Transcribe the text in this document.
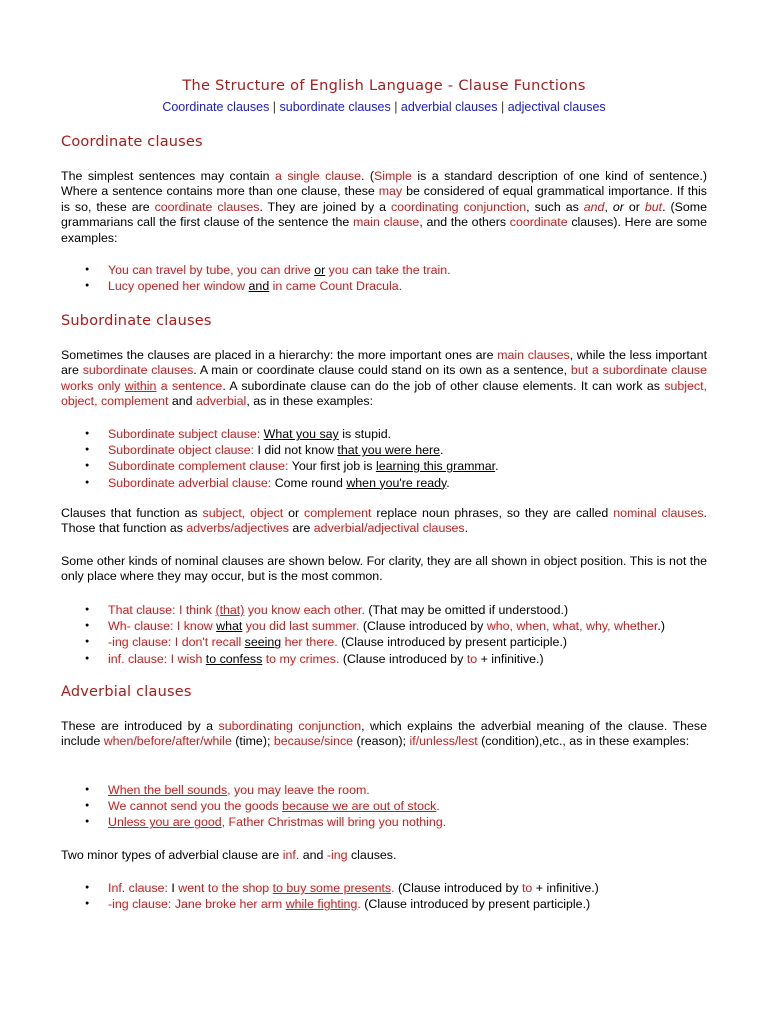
The Structure of English Language - Clause Functions
Coordinate clauses | subordinate clauses | adverbial clauses | adjectival clauses
Coordinate clauses
The simplest sentences may contain a single clause. (Simple is a standard description of one kind of sentence.) Where a sentence contains more than one clause, these may be considered of equal grammatical importance. If this is so, these are coordinate clauses. They are joined by a coordinating conjunction, such as and, or or but. (Some grammarians call the first clause of the sentence the main clause, and the others coordinate clauses). Here are some examples:
● You can travel by tube, you can drive or you can take the train.
● Lucy opened her window and in came Count Dracula.
Subordinate clauses
Sometimes the clauses are placed in a hierarchy: the more important ones are main clauses, while the less important are subordinate clauses. A main or coordinate clause could stand on its own as a sentence, but a subordinate clause works only within a sentence. A subordinate clause can do the job of other clause elements. It can work as subject, object, complement and adverbial, as in these examples:
● Subordinate subject clause: What you say is stupid.
● Subordinate object clause: I did not know that you were here.
● Subordinate complement clause: Your first job is learning this grammar.
● Subordinate adverbial clause: Come round when you're ready.
Clauses that function as subject, object or complement replace noun phrases, so they are called nominal clauses. Those that function as adverbs/adjectives are adverbial/adjectival clauses.
Some other kinds of nominal clauses are shown below. For clarity, they are all shown in object position. This is not the only place where they may occur, but is the most common.
● That clause: I think (that) you know each other. (That may be omitted if understood.)
● Wh- clause: I know what you did last summer. (Clause introduced by who, when, what, why, whether.)
● -ing clause: I don't recall seeing her there. (Clause introduced by present participle.)
● inf. clause: I wish to confess to my crimes. (Clause introduced by to + infinitive.)
Adverbial clauses
These are introduced by a subordinating conjunction, which explains the adverbial meaning of the clause. These include when/before/after/while (time); because/since (reason); if/unless/lest (condition),etc., as in these examples:
● When the bell sounds, you may leave the room.
● We cannot send you the goods because we are out of stock.
● Unless you are good, Father Christmas will bring you nothing.
Two minor types of adverbial clause are inf. and -ing clauses.
● Inf. clause: I went to the shop to buy some presents. (Clause introduced by to + infinitive.)
● -ing clause: Jane broke her arm while fighting. (Clause introduced by present participle.)
